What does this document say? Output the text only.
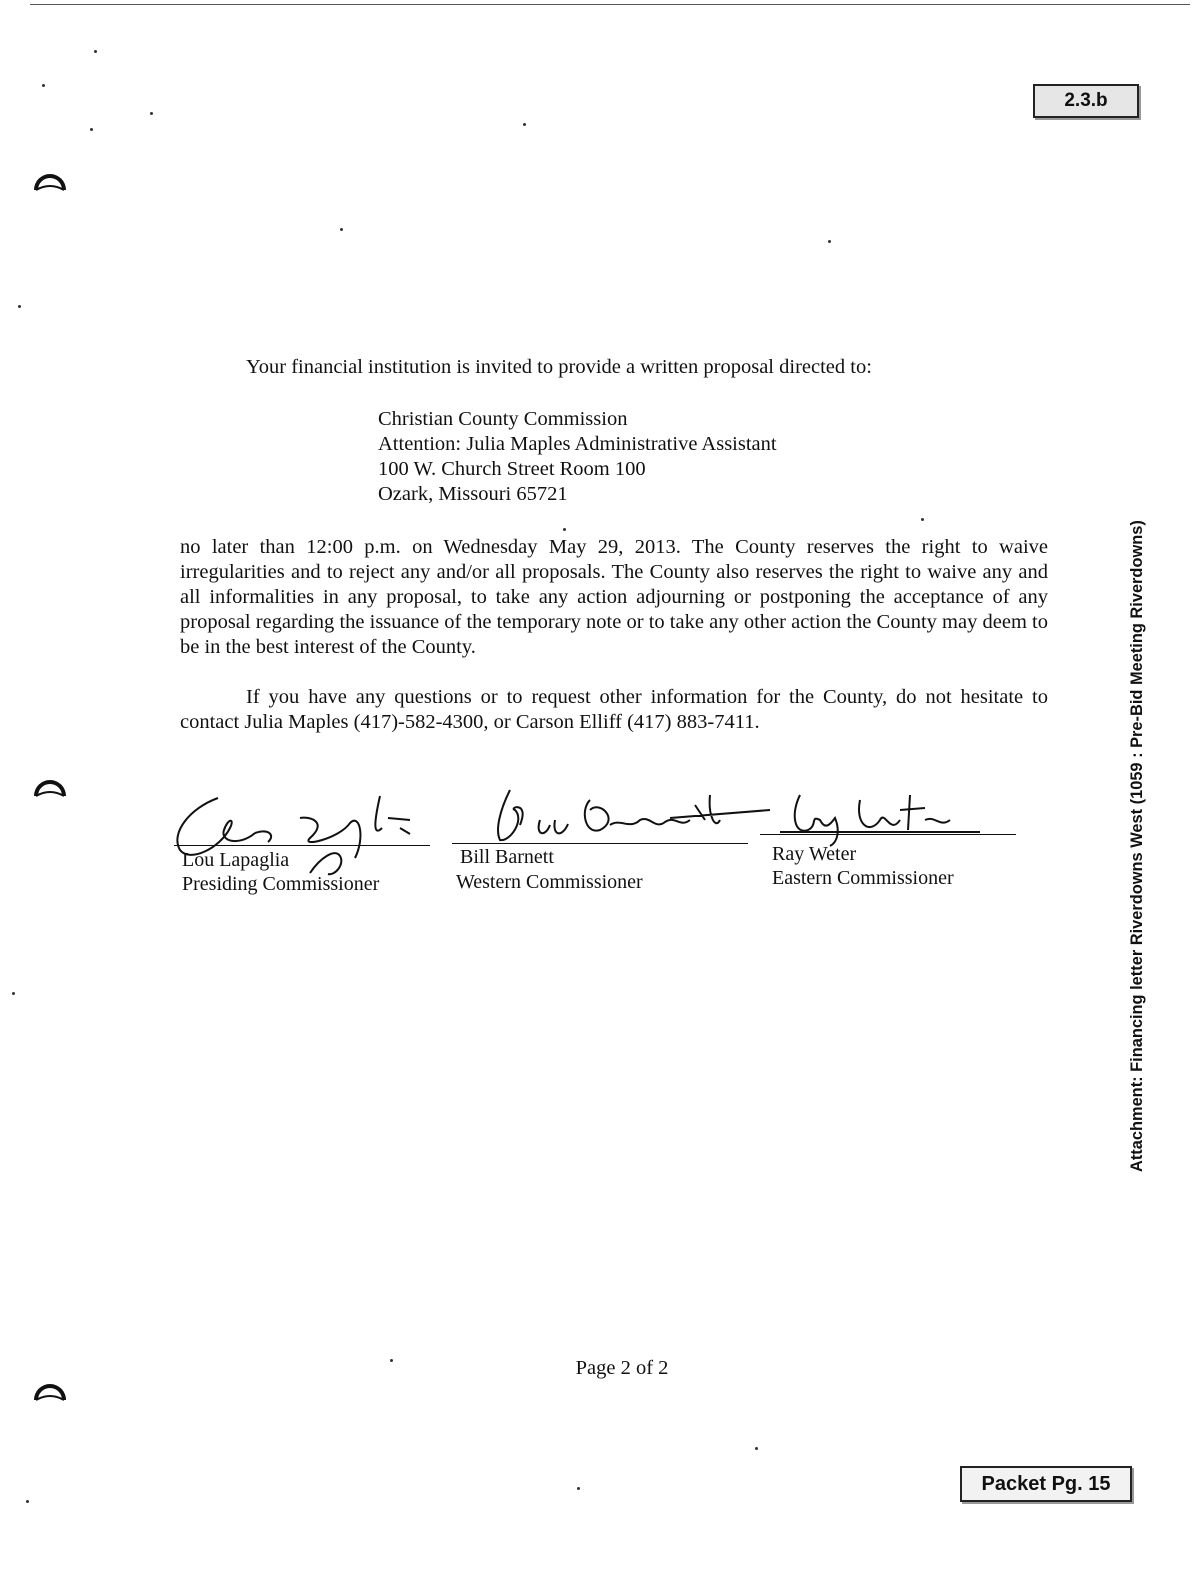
2.3.b
Attachment: Financing letter Riverdowns West (1059 : Pre-Bid Meeting Riverdowns)
Your financial institution is invited to provide a written proposal directed to:
Christian County Commission
Attention: Julia Maples Administrative Assistant
100 W. Church Street Room 100
Ozark, Missouri 65721
no later than 12:00 p.m. on Wednesday May 29, 2013. The County reserves the right to waive irregularities and to reject any and/or all proposals. The County also reserves the right to waive any and all informalities in any proposal, to take any action adjourning or postponing the acceptance of any proposal regarding the issuance of the temporary note or to take any other action the County may deem to be in the best interest of the County.
If you have any questions or to request other information for the County, do not hesitate to contact Julia Maples (417)-582-4300, or Carson Elliff (417) 883-7411.
Lou Lapaglia
Presiding Commissioner
Bill Barnett
Western Commissioner
Ray Weter
Eastern Commissioner
Page 2 of 2
Packet Pg. 15
